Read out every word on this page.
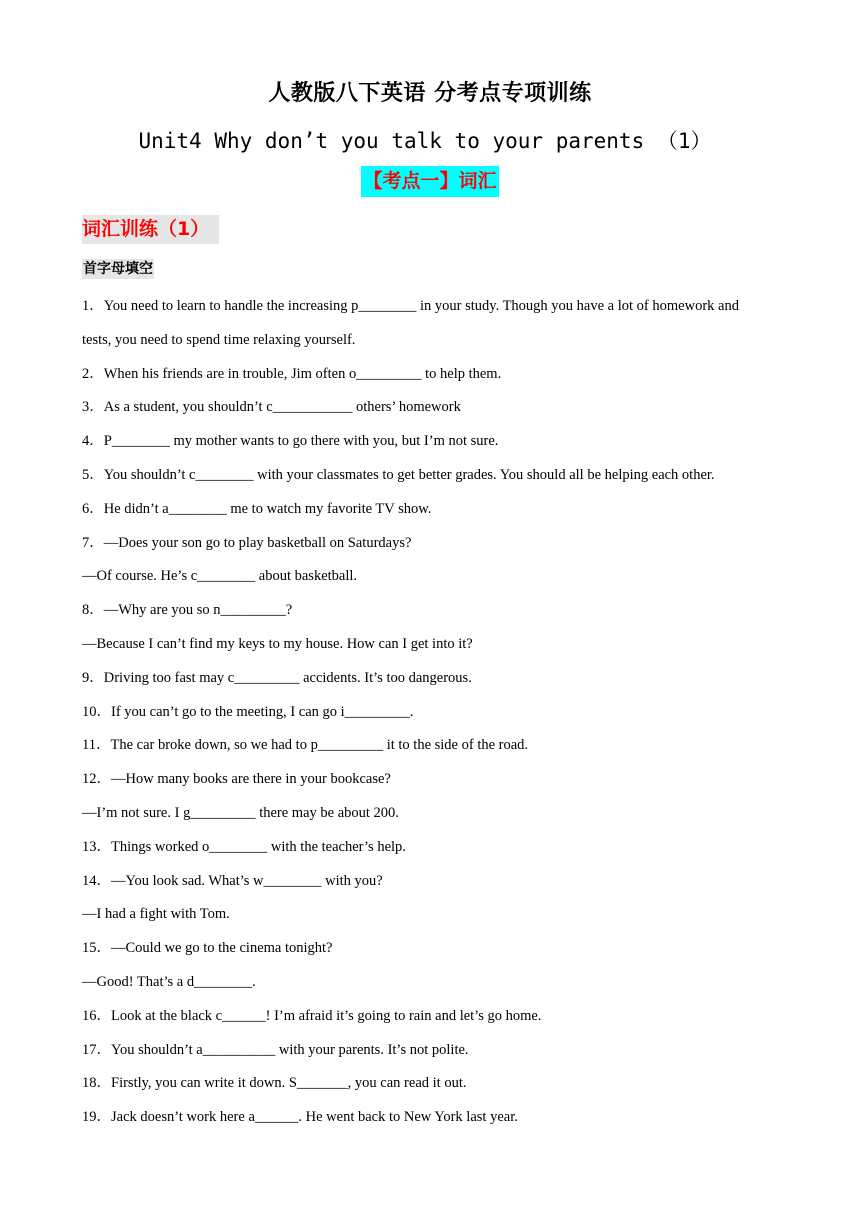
人教版八下英语 分考点专项训练
Unit4 Why don’t you talk to your parents （1）
【考点一】词汇
词汇训练（1）
首字母填空
1．You need to learn to handle the increasing p________ in your study. Though you have a lot of homework and
tests, you need to spend time relaxing yourself.
2．When his friends are in trouble, Jim often o_________ to help them.
3．As a student, you shouldn’t c___________ others’ homework
4．P________ my mother wants to go there with you, but I’m not sure.
5．You shouldn’t c________ with your classmates to get better grades. You should all be helping each other.
6．He didn’t a________ me to watch my favorite TV show.
7．—Does your son go to play basketball on Saturdays?
—Of course. He’s c________ about basketball.
8．—Why are you so n_________?
—Because I can’t find my keys to my house. How can I get into it?
9．Driving too fast may c_________ accidents. It’s too dangerous.
10．If you can’t go to the meeting, I can go i_________.
11．The car broke down, so we had to p_________ it to the side of the road.
12．—How many books are there in your bookcase?
—I’m not sure. I g_________ there may be about 200.
13．Things worked o________ with the teacher’s help.
14．—You look sad. What’s w________ with you?
—I had a fight with Tom.
15．—Could we go to the cinema tonight?
—Good! That’s a d________.
16．Look at the black c______! I’m afraid it’s going to rain and let’s go home.
17．You shouldn’t a__________ with your parents. It’s not polite.
18．Firstly, you can write it down. S_______, you can read it out.
19．Jack doesn’t work here a______. He went back to New York last year.
